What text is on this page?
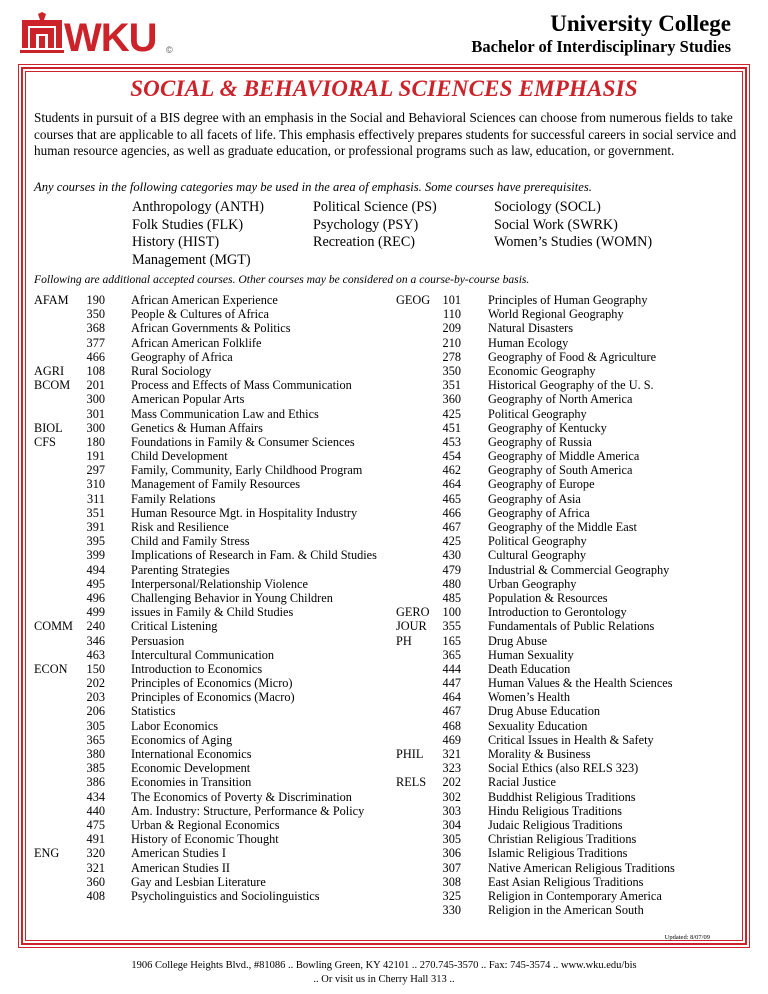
WKU ©
University College
Bachelor of Interdisciplinary Studies
SOCIAL & BEHAVIORAL SCIENCES EMPHASIS
Students in pursuit of a BIS degree with an emphasis in the Social and Behavioral Sciences can choose from numerous fields to take courses that are applicable to all facets of life. This emphasis effectively prepares students for successful careers in social service and human resource agencies, as well as graduate education, or professional programs such as law, education, or government.
Any courses in the following categories may be used in the area of emphasis. Some courses have prerequisites.
Anthropology (ANTH)
Folk Studies (FLK)
History (HIST)
Management (MGT)
Political Science (PS)
Psychology (PSY)
Recreation (REC)
Sociology (SOCL)
Social Work (SWRK)
Women’s Studies (WOMN)
Following are additional accepted courses. Other courses may be considered on a course-by-course basis.
AFAM	190 African American Experience
350 People & Cultures of Africa
368 African Governments & Politics
377 African American Folklife
466 Geography of Africa
AGRI	108 Rural Sociology
BCOM	201 Process and Effects of Mass Communication
300 American Popular Arts
301 Mass Communication Law and Ethics
BIOL	300 Genetics & Human Affairs
CFS	180 Foundations in Family & Consumer Sciences
191 Child Development
297 Family, Community, Early Childhood Program
310 Management of Family Resources
311 Family Relations
351 Human Resource Mgt. in Hospitality Industry
391 Risk and Resilience
395 Child and Family Stress
399 Implications of Research in Fam. & Child Studies
494 Parenting Strategies
495 Interpersonal/Relationship Violence
496 Challenging Behavior in Young Children
499 issues in Family & Child Studies
COMM	240 Critical Listening
346 Persuasion
463 Intercultural Communication
ECON	150 Introduction to Economics
202 Principles of Economics (Micro)
203 Principles of Economics (Macro)
206 Statistics
305 Labor Economics
365 Economics of Aging
380 International Economics
385 Economic Development
386 Economies in Transition
434 The Economics of Poverty & Discrimination
440 Am. Industry: Structure, Performance & Policy
475 Urban & Regional Economics
491 History of Economic Thought
ENG	320 American Studies I
321 American Studies II
360 Gay and Lesbian Literature
408 Psycholinguistics and Sociolinguistics
GEOG	101 Principles of Human Geography
110 World Regional Geography
209 Natural Disasters
210 Human Ecology
278 Geography of Food & Agriculture
350 Economic Geography
351 Historical Geography of the U. S.
360 Geography of North America
425 Political Geography
451 Geography of Kentucky
453 Geography of Russia
454 Geography of Middle America
462 Geography of South America
464 Geography of Europe
465 Geography of Asia
466 Geography of Africa
467 Geography of the Middle East
425 Political Geography
430 Cultural Geography
479 Industrial & Commercial Geography
480 Urban Geography
485 Population & Resources
GERO	100 Introduction to Gerontology
JOUR	355 Fundamentals of Public Relations
PH	165 Drug Abuse
365 Human Sexuality
444 Death Education
447 Human Values & the Health Sciences
464 Women’s Health
467 Drug Abuse Education
468 Sexuality Education
469 Critical Issues in Health & Safety
PHIL	321 Morality & Business
323 Social Ethics (also RELS 323)
RELS	202 Racial Justice
302 Buddhist Religious Traditions
303 Hindu Religious Traditions
304 Judaic Religious Traditions
305 Christian Religious Traditions
306 Islamic Religious Traditions
307 Native American Religious Traditions
308 East Asian Religious Traditions
325 Religion in Contemporary America
330 Religion in the American South
Updated: 8/07/09
1906 College Heights Blvd., #81086 .. Bowling Green, KY 42101 .. 270.745-3570 .. Fax: 745-3574 .. www.wku.edu/bis
.. Or visit us in Cherry Hall 313 ..
